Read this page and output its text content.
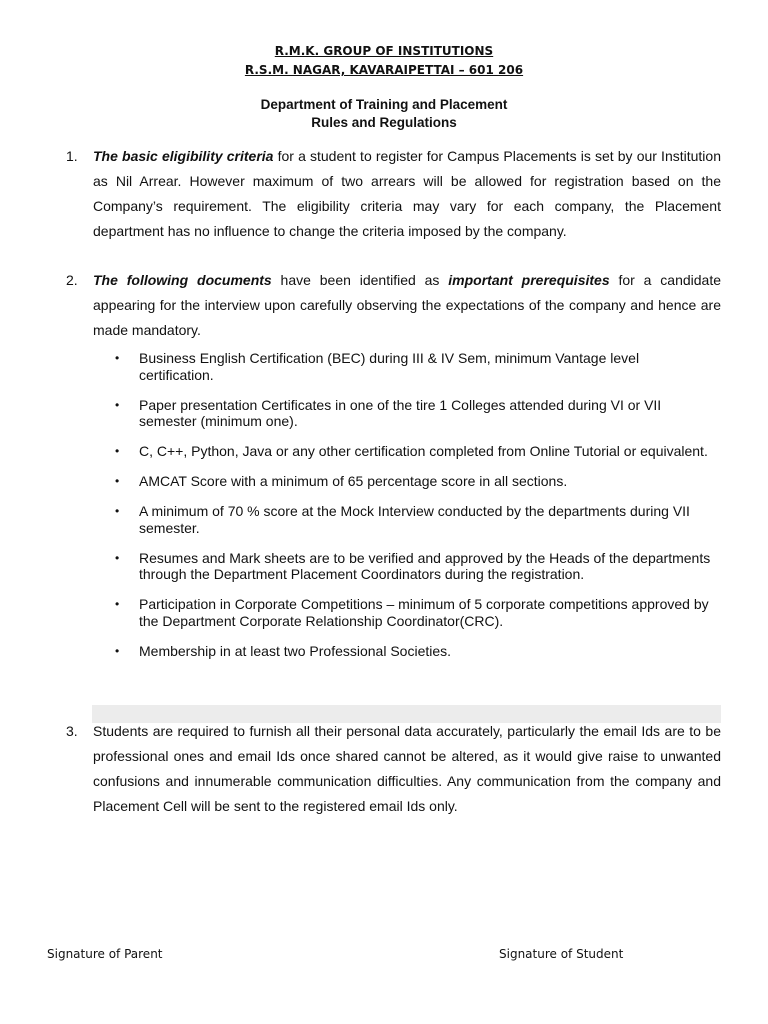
R.M.K. GROUP OF INSTITUTIONS
R.S.M. NAGAR, KAVARAIPETTAI – 601 206
Department of Training and Placement
Rules and Regulations
1. The basic eligibility criteria for a student to register for Campus Placements is set by our Institution as Nil Arrear. However maximum of two arrears will be allowed for registration based on the Company’s requirement. The eligibility criteria may vary for each company, the Placement department has no influence to change the criteria imposed by the company.
2. The following documents have been identified as important prerequisites for a candidate appearing for the interview upon carefully observing the expectations of the company and hence are made mandatory.
• Business English Certification (BEC) during III & IV Sem, minimum Vantage level certification.
• Paper presentation Certificates in one of the tire 1 Colleges attended during VI or VII semester (minimum one).
• C, C++, Python, Java or any other certification completed from Online Tutorial or equivalent.
• AMCAT Score with a minimum of 65 percentage score in all sections.
• A minimum of 70 % score at the Mock Interview conducted by the departments during VII semester.
• Resumes and Mark sheets are to be verified and approved by the Heads of the departments through the Department Placement Coordinators during the registration.
• Participation in Corporate Competitions – minimum of 5 corporate competitions approved by the Department Corporate Relationship Coordinator(CRC).
• Membership in at least two Professional Societies.
3. Students are required to furnish all their personal data accurately, particularly the email Ids are to be professional ones and email Ids once shared cannot be altered, as it would give raise to unwanted confusions and innumerable communication difficulties. Any communication from the company and Placement Cell will be sent to the registered email Ids only.
Signature of Parent	Signature of Student
